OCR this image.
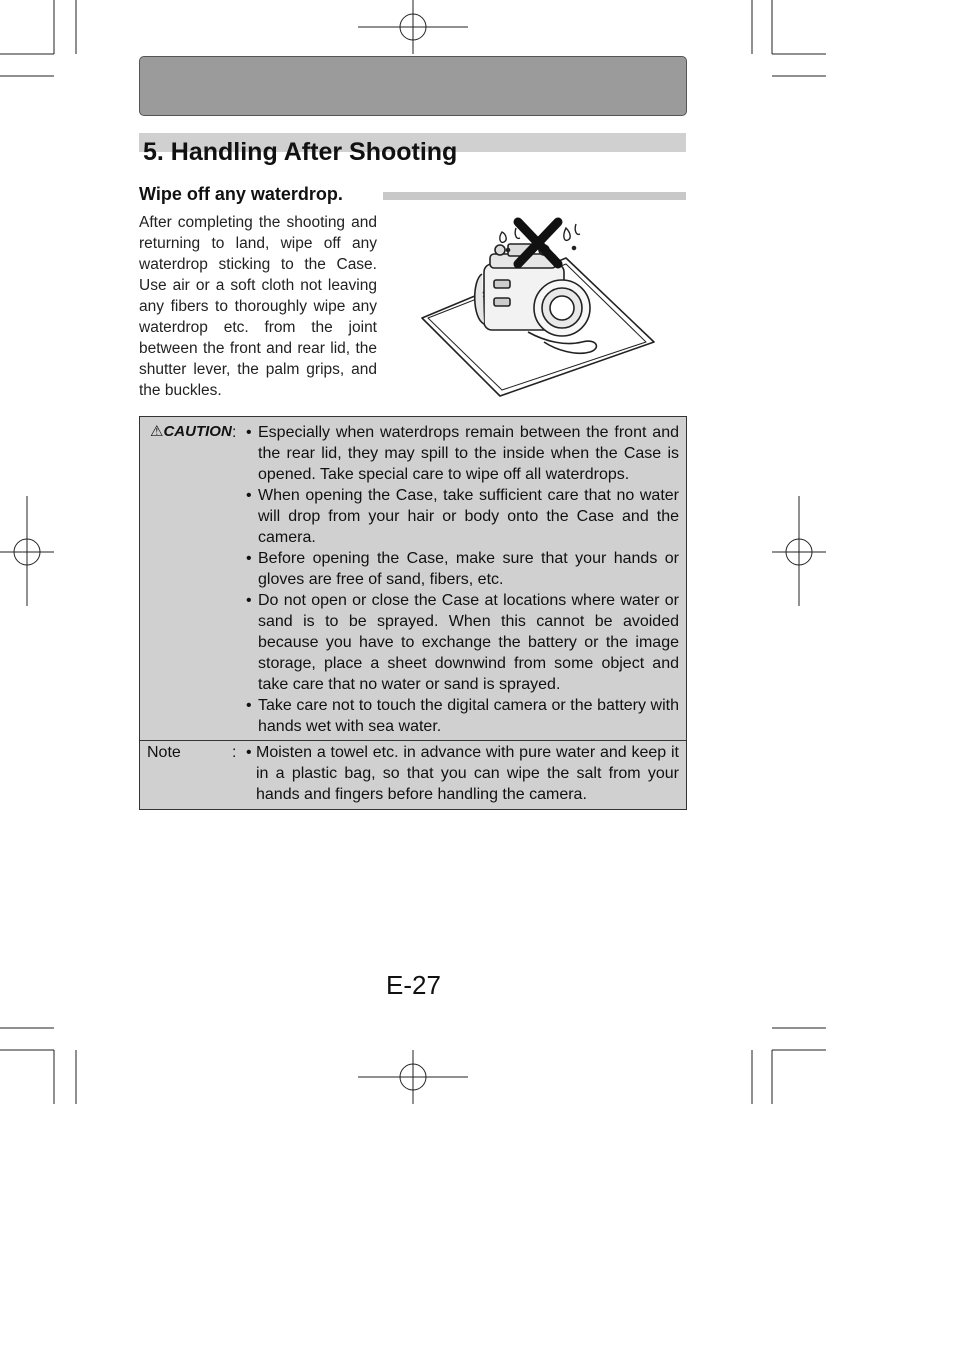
5. Handling After Shooting
Wipe off any waterdrop.
After completing the shooting and returning to land, wipe off any waterdrop sticking to the Case. Use air or a soft cloth not leaving any fibers to thoroughly wipe any waterdrop etc. from the joint between the front and rear lid, the shutter lever, the palm grips, and the buckles.
⚠CAUTION :	• Especially when waterdrops remain between the front and the rear lid, they may spill to the inside when the Case is opened. Take special care to wipe off all waterdrops.
• When opening the Case, take sufficient care that no water will drop from your hair or body onto the Case and the camera.
• Before opening the Case, make sure that your hands or gloves are free of sand, fibers, etc.
• Do not open or close the Case at locations where water or sand is to be sprayed. When this cannot be avoided because you have to exchange the battery or the image storage, place a sheet downwind from some object and take care that no water or sand is sprayed.
• Take care not to touch the digital camera or the battery with hands wet with sea water.
Note	:	• Moisten a towel etc. in advance with pure water and keep it in a plastic bag, so that you can wipe the salt from your hands and fingers before handling the camera.
E-27
